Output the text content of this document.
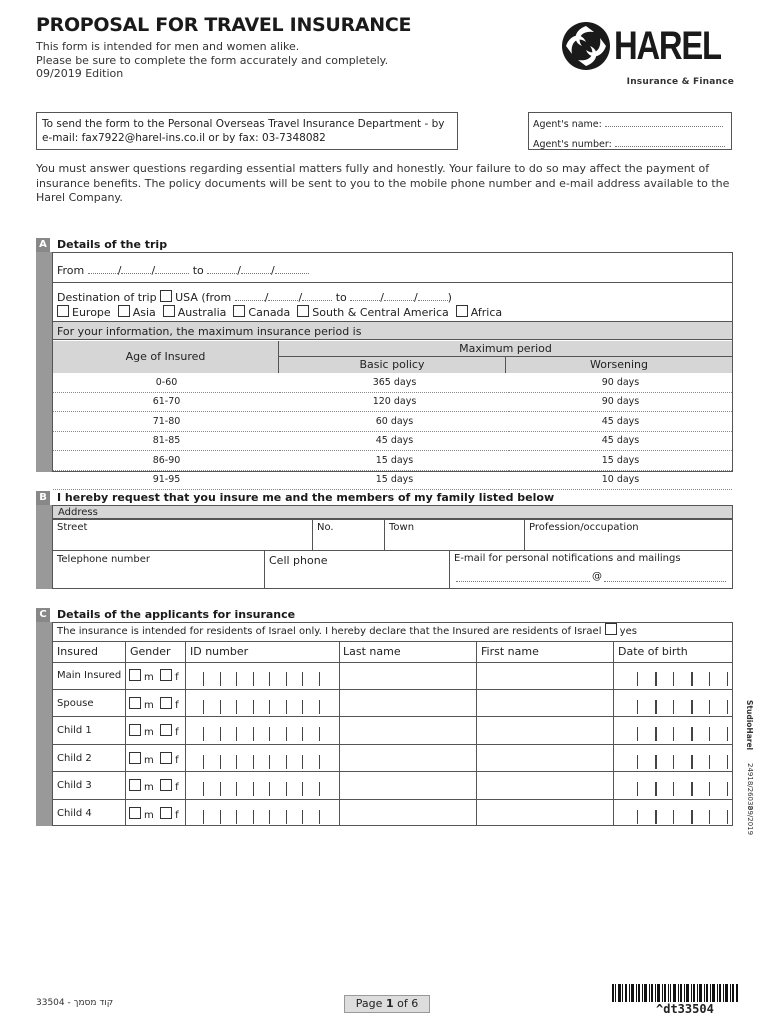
PROPOSAL FOR TRAVEL INSURANCE
This form is intended for men and women alike.
Please be sure to complete the form accurately and completely.
09/2019 Edition
HAREL
Insurance & Finance
To send the form to the Personal Overseas Travel Insurance Department - by
e-mail: fax7922@harel-ins.co.il or by fax: 03-7348082
Agent's name:
Agent's number:
You must answer questions regarding essential matters fully and honestly. Your failure to do so may affect the payment of insurance benefits. The policy documents will be sent to you to the mobile phone number and e-mail address available to the Harel Company.
A Details of the trip
From	/	/	to	/	/
Destination of trip USA (from	/	/	to	/	/	)
Europe Asia Australia Canada South & Central America Africa
For your information, the maximum insurance period is
Age of Insured
Maximum period
Basic policy	Worsening
0-60	365 days	90 days
61-70	120 days	90 days
71-80	60 days	45 days
81-85	45 days	45 days
86-90	15 days	15 days
91-95	15 days	10 days
B I hereby request that you insure me and the members of my family listed below
Address
Street	No.	Town	Profession/occupation
Telephone number	Cell phone	E-mail for personal notifications and mailings
@
C Details of the applicants for insurance
The insurance is intended for residents of Israel only. I hereby declare that the Insured are residents of Israel yes
Insured	Gender ID number	Last name	First name	Date of birth
Main Insured	m f
Spouse	m f
Child 1	m f
Child 2	m f
Child 3	m f
Child 4	m f
StudioHarel
24918/26038
09/2019
33504 - קוד מסמך	Page 1 of 6	^dt33504
